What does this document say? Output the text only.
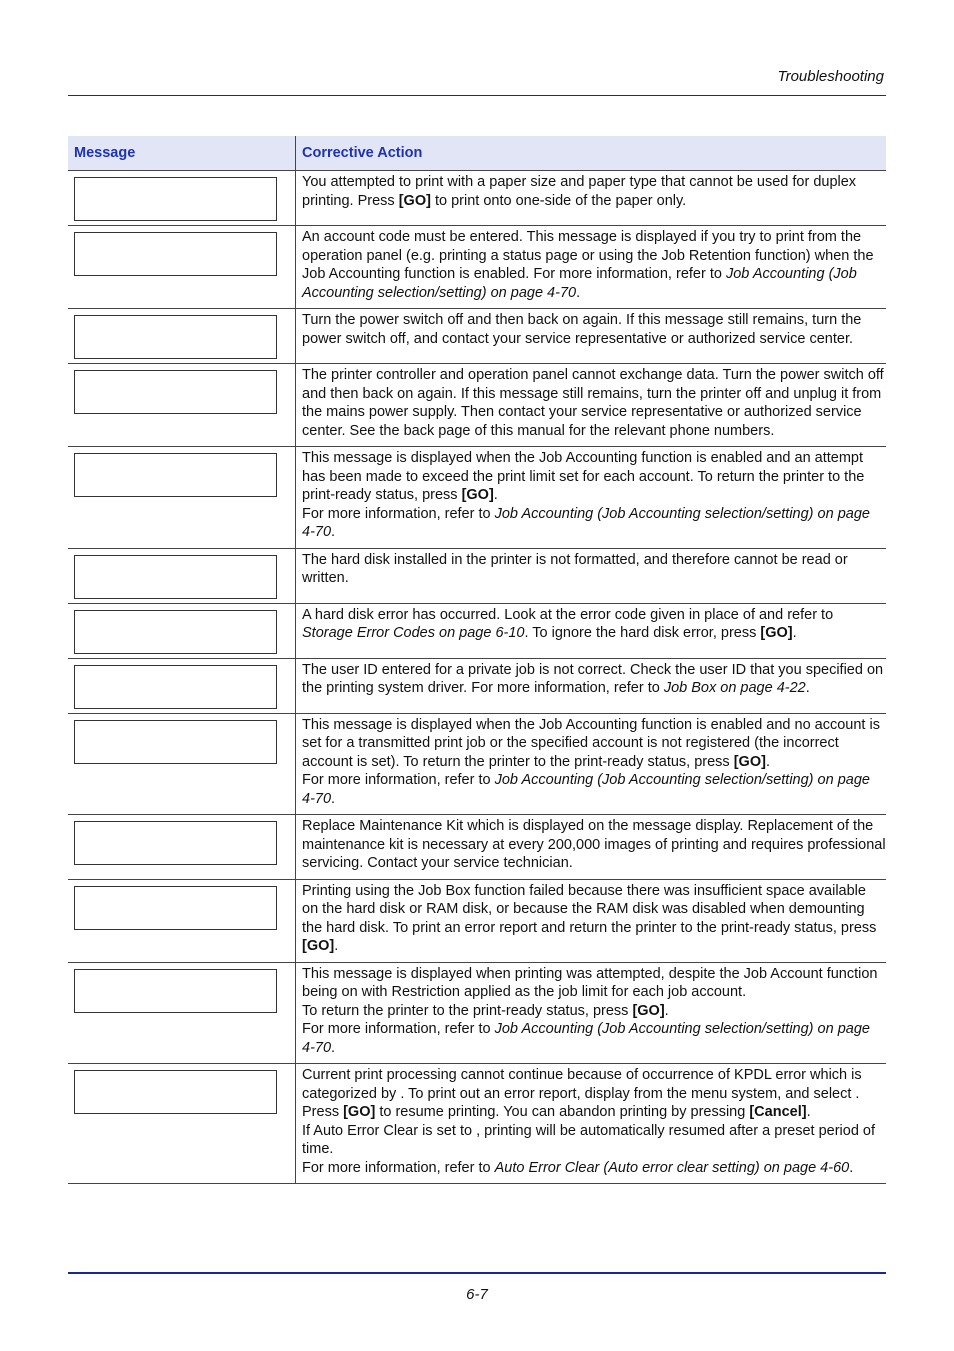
Troubleshooting
Message	Corrective Action

	You attempted to print with a paper size and paper type that cannot be used for duplex printing. Press [GO] to print onto one-side of the paper only.

	An account code must be entered. This message is displayed if you try to print from the operation panel (e.g. printing a status page or using the Job Retention function) when the Job Accounting function is enabled. For more information, refer to Job Accounting (Job Accounting selection/setting) on page 4-70.

	Turn the power switch off and then back on again. If this message still remains, turn the power switch off, and contact your service representative or authorized service center.

	The printer controller and operation panel cannot exchange data. Turn the power switch off and then back on again. If this message still remains, turn the printer off and unplug it from the mains power supply. Then contact your service representative or authorized service center. See the back page of this manual for the relevant phone numbers.

	This message is displayed when the Job Accounting function is enabled and an attempt has been made to exceed the print limit set for each account. To return the printer to the print-ready status, press [GO].
For more information, refer to Job Accounting (Job Accounting selection/setting) on page 4-70.

	The hard disk installed in the printer is not formatted, and therefore cannot be read or written.

	A hard disk error has occurred. Look at the error code given in place of and refer to Storage Error Codes on page 6-10. To ignore the hard disk error, press [GO].

	The user ID entered for a private job is not correct. Check the user ID that you specified on the printing system driver. For more information, refer to Job Box on page 4-22.

	This message is displayed when the Job Accounting function is enabled and no account is set for a transmitted print job or the specified account is not registered (the incorrect account is set). To return the printer to the print-ready status, press [GO].
For more information, refer to Job Accounting (Job Accounting selection/setting) on page 4-70.

	Replace Maintenance Kit which is displayed on the message display. Replacement of the maintenance kit is necessary at every 200,000 images of printing and requires professional servicing. Contact your service technician.

	Printing using the Job Box function failed because there was insufficient space available on the hard disk or RAM disk, or because the RAM disk was disabled when demounting the hard disk. To print an error report and return the printer to the print-ready status, press [GO].

	This message is displayed when printing was attempted, despite the Job Account function being on with Restriction applied as the job limit for each job account.
To return the printer to the print-ready status, press [GO].
For more information, refer to Job Accounting (Job Accounting selection/setting) on page 4-70.

	Current print processing cannot continue because of occurrence of KPDL error which is categorized by . To print out an error report, display from the menu system, and select . Press [GO] to resume printing. You can abandon printing by pressing [Cancel].
If Auto Error Clear is set to , printing will be automatically resumed after a preset period of time.
For more information, refer to Auto Error Clear (Auto error clear setting) on page 4-60.
6-7
